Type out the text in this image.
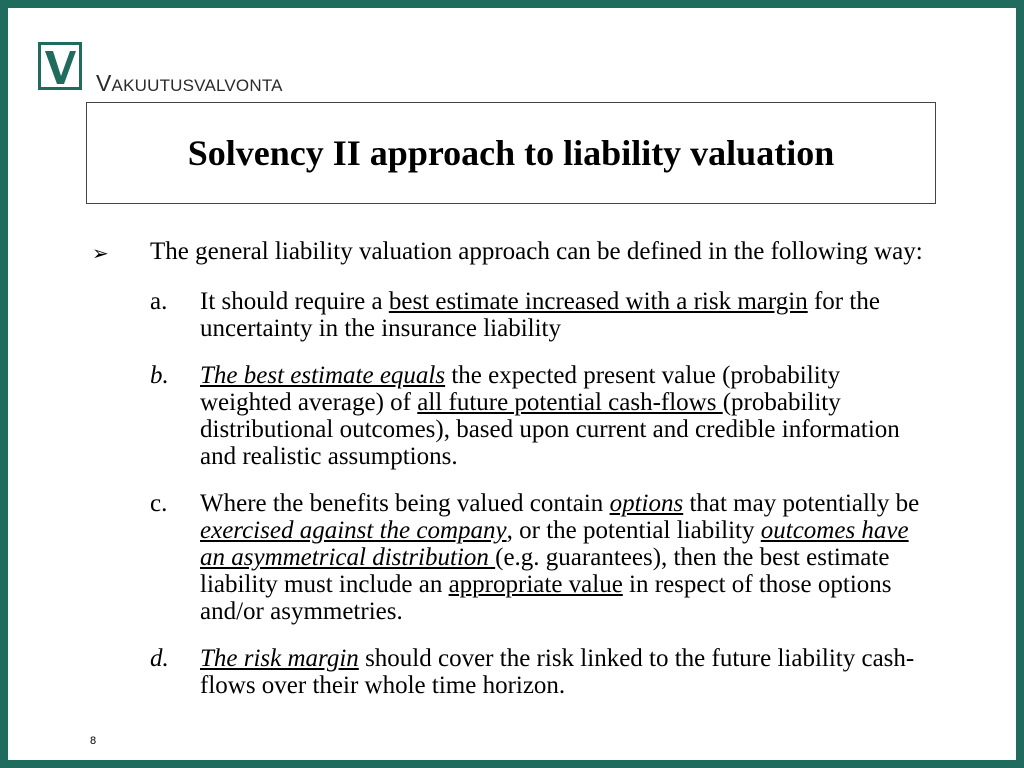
VAKUUTUSVALVONTA
Solvency II approach to liability valuation
➢	The general liability valuation approach can be defined in the following way:
a.	It should require a best estimate increased with a risk margin for the uncertainty in the insurance liability
b.	The best estimate equals the expected present value (probability weighted average) of all future potential cash-flows (probability distributional outcomes), based upon current and credible information and realistic assumptions.
c.	Where the benefits being valued contain options that may potentially be exercised against the company, or the potential liability outcomes have an asymmetrical distribution (e.g. guarantees), then the best estimate liability must include an appropriate value in respect of those options and/or asymmetries.
d.	The risk margin should cover the risk linked to the future liability cash-flows over their whole time horizon.
8
